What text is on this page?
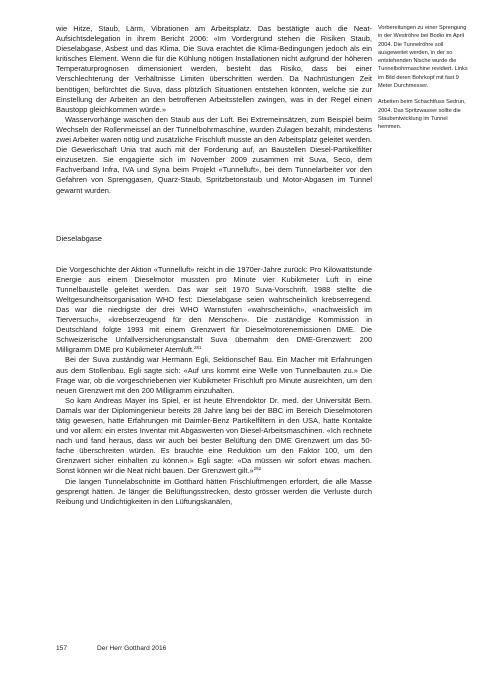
wie Hitze, Staub, Lärm, Vibrationen am Arbeitsplatz. Das bestätigte auch die Neat-Aufsichtsdelegation in ihrem Bericht 2006: «Im Vordergrund stehen die Risiken Staub, Dieselabgase, Asbest und das Klima. Die Suva erachtet die Klima-Bedingungen jedoch als ein kritisches Element. Wenn die für die Kühlung nötigen Installationen nicht aufgrund der höheren Temperaturprognosen dimensioniert werden, besteht das Risiko, dass bei einer Verschlechterung der Verhältnisse Limiten überschritten werden. Da Nachrüstungen Zeit benötigen, befürchtet die Suva, dass plötzlich Situationen entstehen könnten, welche sie zur Einstellung der Arbeiten an den betroffenen Arbeitsstellen zwingen, was in der Regel einen Baustopp gleichkommen würde.»

Wasservorhänge waschen den Staub aus der Luft. Bei Extremeinsätzen, zum Beispiel beim Wechseln der Rollenmeissel an der Tunnelbohrmaschine, wurden Zulagen bezahlt, mindestens zwei Arbeiter waren nötig und zusätzliche Frischluft musste an den Arbeitsplatz geleitet werden. Die Gewerkschaft Unia trat auch mit der Forderung auf, an Baustellen Diesel-Partikelfilter einzusetzen. Sie engagierte sich im November 2009 zusammen mit Suva, Seco, dem Fachverband Infra, IVA und Syna beim Projekt «Tunnelluft», bei dem Tunnelarbeiter vor den Gefahren von Sprenggasen, Quarz-Staub, Spritzbetonstaub und Motor-Abgasen im Tunnel gewarnt wurden.

Dieselabgase

Die Vorgeschichte der Aktion «Tunnelluft» reicht in die 1970er-Jahre zurück: Pro Kilowattstunde Energie aus einem Dieselmotor mussten pro Minute vier Kubikmeter Luft in eine Tunnelbaustelle geleitet werden. Das war seit 1970 Suva-Vorschrift. 1988 stellte die Weltgesundheitsorganisation WHO fest: Dieselabgase seien wahrscheinlich krebserregend. Das war die niedrigste der drei WHO Warnstufen «wahrscheinlich», «nachweislich im Tierversuch», «krebserzeugend für den Menschen». Die zuständige Kommission in Deutschland folgte 1993 mit einem Grenzwert für Dieselmotorenemissionen DME. Die Schweizerische Unfallversicherungsanstalt Suva übernahm den DME-Grenzwert: 200 Milligramm DME pro Kubikmeter Atemluft.$^{281}$

Bei der Suva zuständig war Hermann Egli, Sektionschef Bau. Ein Macher mit Erfahrungen aus dem Stollenbau. Egli sagte sich: «Auf uns kommt eine Welle von Tunnelbauten zu.» Die Frage war, ob die vorgeschriebenen vier Kubikmeter Frischluft pro Minute ausreichten, um den neuen Grenzwert mit den 200 Milligramm einzuhalten.

So kam Andreas Mayer ins Spiel, er ist heute Ehrendoktor Dr. med. der Universität Bern. Damals war der Diplomingenieur bereits 28 Jahre lang bei der BBC im Bereich Dieselmotoren tätig gewesen, hatte Erfahrungen mit Daimler-Benz Partikelfiltern in den USA, hatte Kontakte und vor allem: ein erstes Inventar mit Abgaswerten von Diesel-Arbeitsmaschinen. «Ich rechnete nach und fand heraus, dass wir auch bei bester Belüftung den DME Grenzwert um das 50-fache überschreiten würden. Es brauchte eine Reduktion um den Faktor 100, um den Grenzwert sicher einhalten zu können.» Egli sagte: «Da müssen wir sofort etwas machen. Sonst können wir die Neat nicht bauen. Der Grenzwert gilt.»$^{282}$

Die langen Tunnelabschnitte im Gotthard hätten Frischluftmengen erfordert, die alle Masse gesprengt hätten. Je länger die Belüftungsstrecken, desto grösser werden die Verluste durch Reibung und Undichtigkeiten in den Lüftungskanälen,

Vorbereitungen zu einer Sprengung in der Weströhre bei Bodio im April 2004. Die Tunnelröhre soll ausgeweitet werden, in der so entstehenden Nische wurde die Tunnelbohrmaschine revidiert. Links im Bild deren Bohrkopf mit fast 9 Meter Durchmesser.

Arbeiten beim Schachtfuss Sedrun, 2004. Das Spritzwasser sollte die Staubentwicklung im Tunnel hemmen.

157	Der Herr Gotthard 2016
